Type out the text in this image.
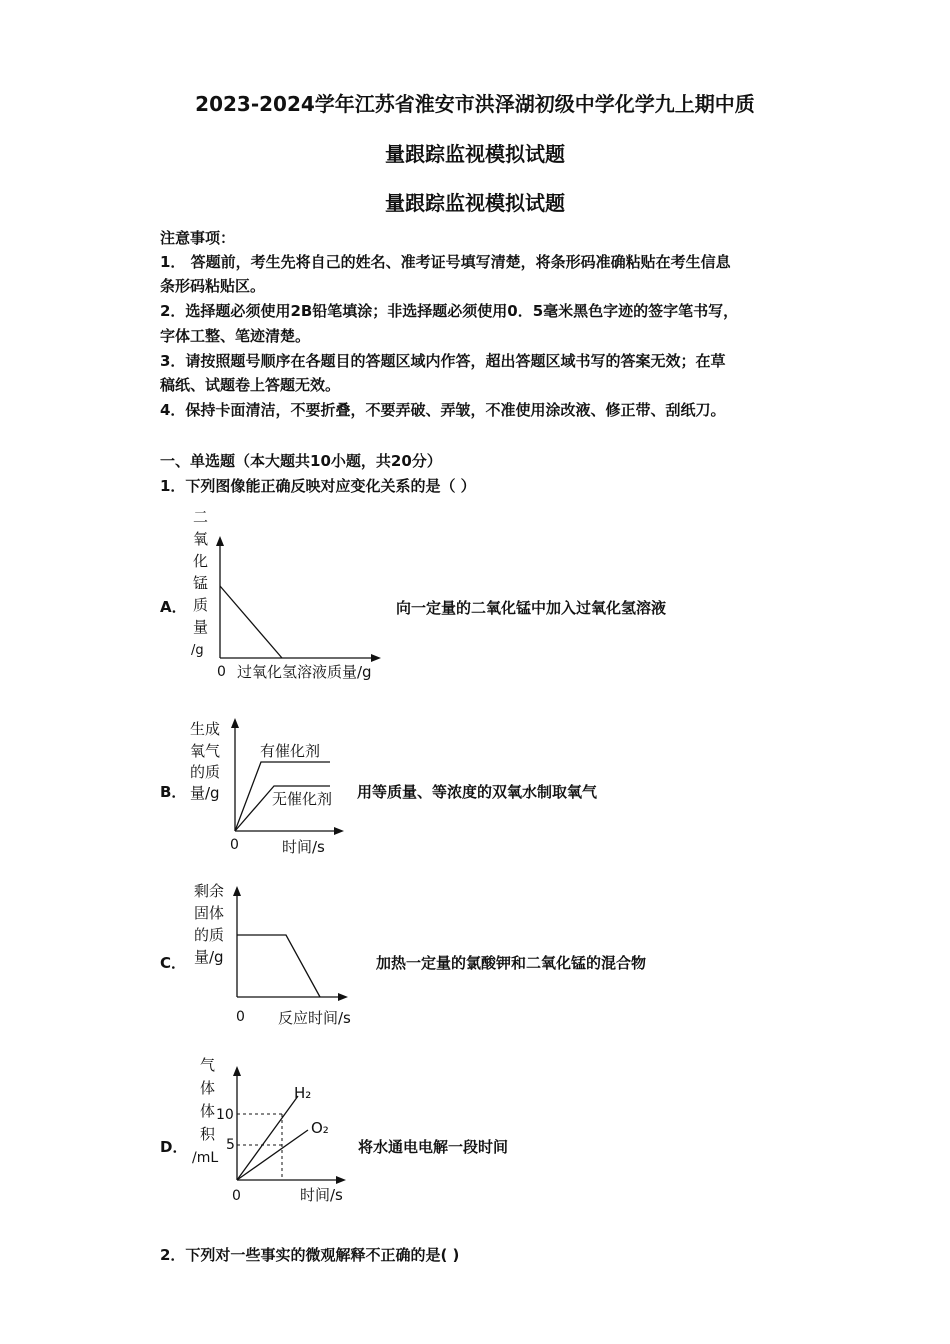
2023-2024学年江苏省淮安市洪泽湖初级中学化学九上期中质
量跟踪监视模拟试题
量跟踪监视模拟试题
注意事项：
1． 答题前，考生先将自己的姓名、准考证号填写清楚，将条形码准确粘贴在考生信息
条形码粘贴区。
2．选择题必须使用2B铅笔填涂；非选择题必须使用0．5毫米黑色字迹的签字笔书写，
字体工整、笔迹清楚。
3．请按照题号顺序在各题目的答题区域内作答，超出答题区域书写的答案无效；在草
稿纸、试题卷上答题无效。
4．保持卡面清洁，不要折叠，不要弄破、弄皱，不准使用涂改液、修正带、刮纸刀。
一、单选题（本大题共10小题，共20分）
1．下列图像能正确反映对应变化关系的是（ ）
A．
二
氧
化
锰
质
量
/g
0 过氧化氢溶液质量/g
向一定量的二氧化锰中加入过氧化氢溶液
B．
生成
氧气
的质
量/g
有催化剂
无催化剂
0	时间/s
用等质量、等浓度的双氧水制取氧气
C．
剩余
固体
的质
量/g
0 反应时间/s
加热一定量的氯酸钾和二氧化锰的混合物
D．
气
体
体
积
/mL
10
5
H₂
O₂
0	时间/s
将水通电电解一段时间
2．下列对一些事实的微观解释不正确的是( )
